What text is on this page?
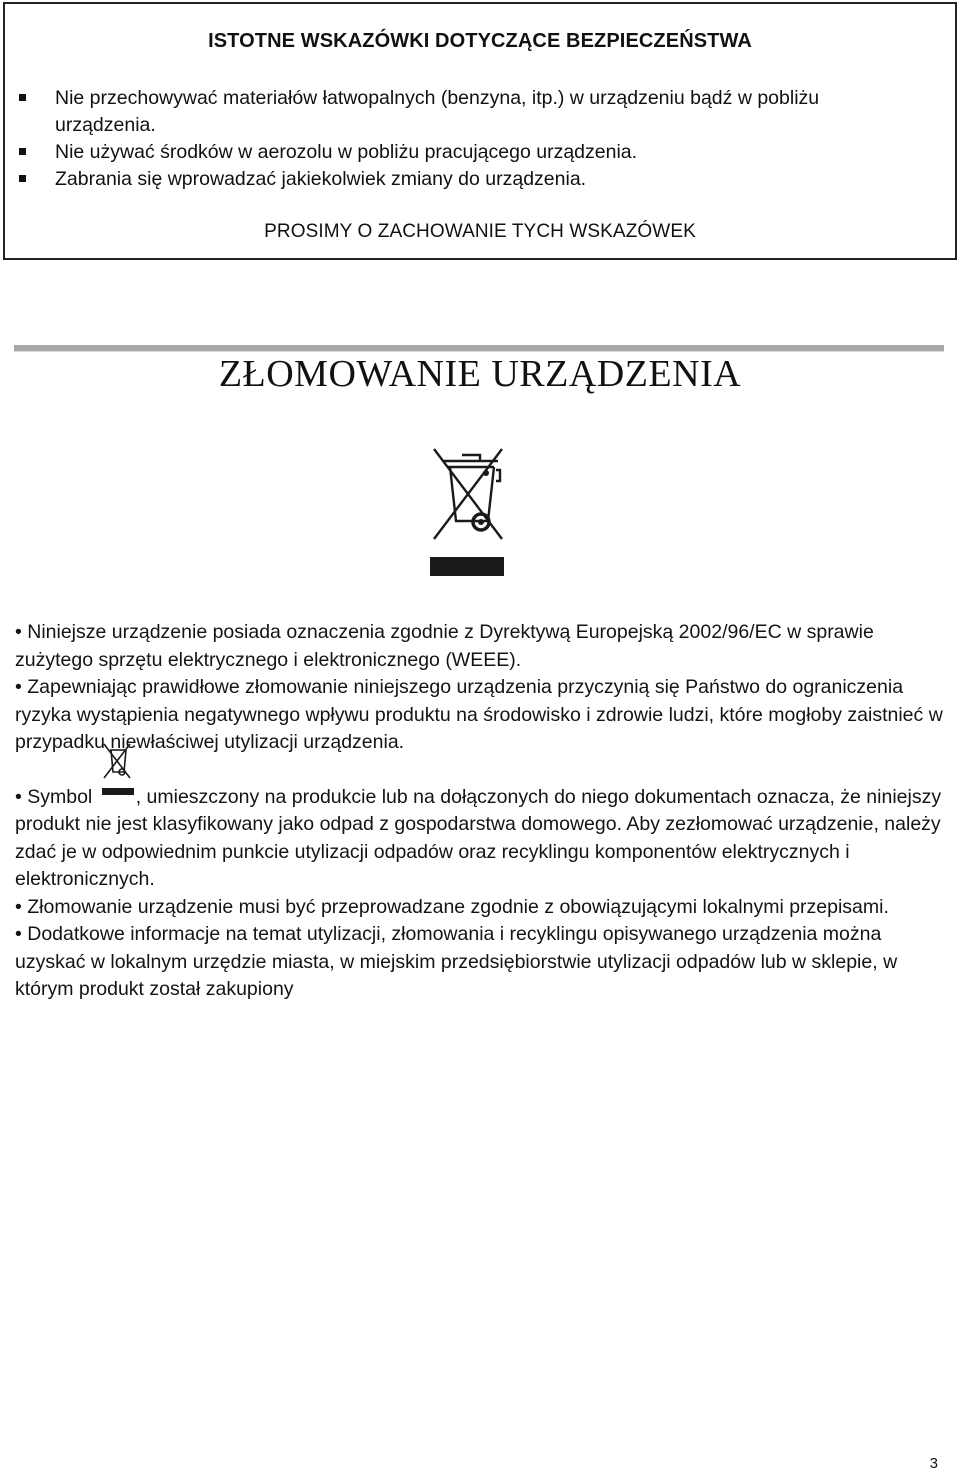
ISTOTNE WSKAZÓWKI DOTYCZĄCE BEZPIECZEŃSTWA
Nie przechowywać materiałów łatwopalnych (benzyna, itp.) w urządzeniu bądź w pobliżu urządzenia.
Nie używać środków w aerozolu w pobliżu pracującego urządzenia.
Zabrania się wprowadzać jakiekolwiek zmiany do urządzenia.
PROSIMY O ZACHOWANIE TYCH WSKAZÓWEK
ZŁOMOWANIE URZĄDZENIA

• Niniejsze urządzenie posiada oznaczenia zgodnie z Dyrektywą Europejską 2002/96/EC w sprawie zużytego sprzętu elektrycznego i elektronicznego (WEEE).

• Zapewniając prawidłowe złomowanie niniejszego urządzenia przyczynią się Państwo do ograniczenia ryzyka wystąpienia negatywnego wpływu produktu na środowisko i zdrowie ludzi, które mogłoby zaistnieć w przypadku niewłaściwej utylizacji urządzenia.

• Symbol
, umieszczony na produkcie lub na dołączonych do niego dokumentach oznacza, że niniejszy produkt nie jest klasyfikowany jako odpad z gospodarstwa domowego. Aby zezłomować urządzenie, należy zdać je w odpowiednim punkcie utylizacji odpadów oraz recyklingu komponentów elektrycznych i elektronicznych.

• Złomowanie urządzenie musi być przeprowadzane zgodnie z obowiązującymi lokalnymi przepisami.

• Dodatkowe informacje na temat utylizacji, złomowania i recyklingu opisywanego urządzenia można uzyskać w lokalnym urzędzie miasta, w miejskim przedsiębiorstwie utylizacji odpadów lub w sklepie, w którym produkt został zakupiony

3
